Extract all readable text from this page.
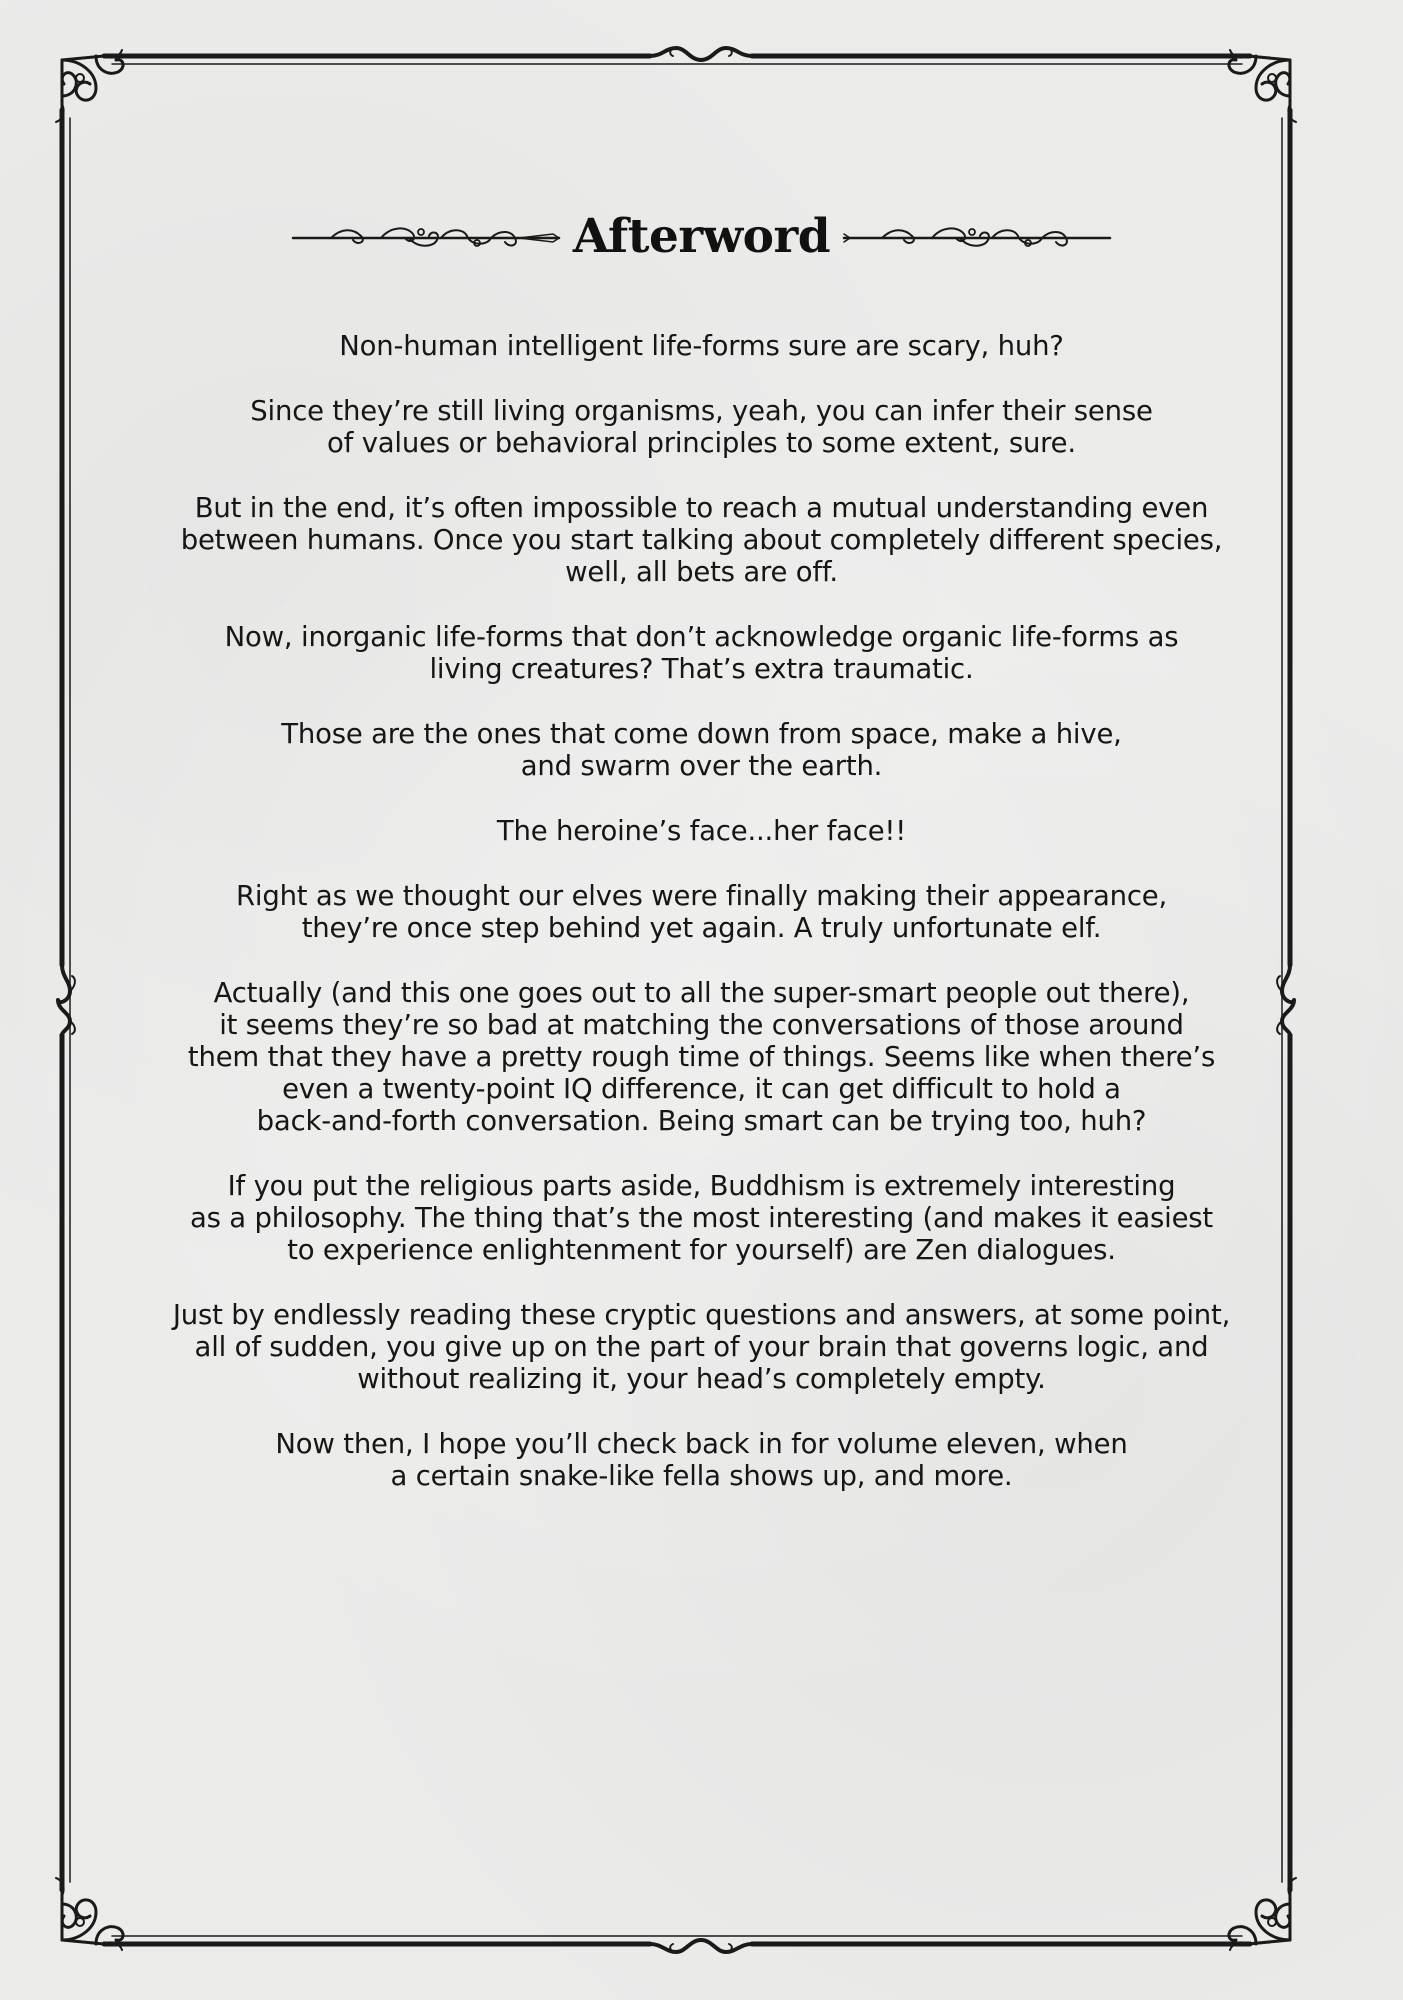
Afterword

Non-human intelligent life-forms sure are scary, huh?

Since they’re still living organisms, yeah, you can infer their sense
of values or behavioral principles to some extent, sure.

But in the end, it’s often impossible to reach a mutual understanding even
between humans. Once you start talking about completely different species,
well, all bets are off.

Now, inorganic life-forms that don’t acknowledge organic life-forms as
living creatures? That’s extra traumatic.

Those are the ones that come down from space, make a hive,
and swarm over the earth.

The heroine’s face...her face!!

Right as we thought our elves were finally making their appearance,
they’re once step behind yet again. A truly unfortunate elf.

Actually (and this one goes out to all the super-smart people out there),
it seems they’re so bad at matching the conversations of those around
them that they have a pretty rough time of things. Seems like when there’s
even a twenty-point IQ difference, it can get difficult to hold a
back-and-forth conversation. Being smart can be trying too, huh?

If you put the religious parts aside, Buddhism is extremely interesting
as a philosophy. The thing that’s the most interesting (and makes it easiest
to experience enlightenment for yourself) are Zen dialogues.

Just by endlessly reading these cryptic questions and answers, at some point,
all of sudden, you give up on the part of your brain that governs logic, and
without realizing it, your head’s completely empty.

Now then, I hope you’ll check back in for volume eleven, when
a certain snake-like fella shows up, and more.
